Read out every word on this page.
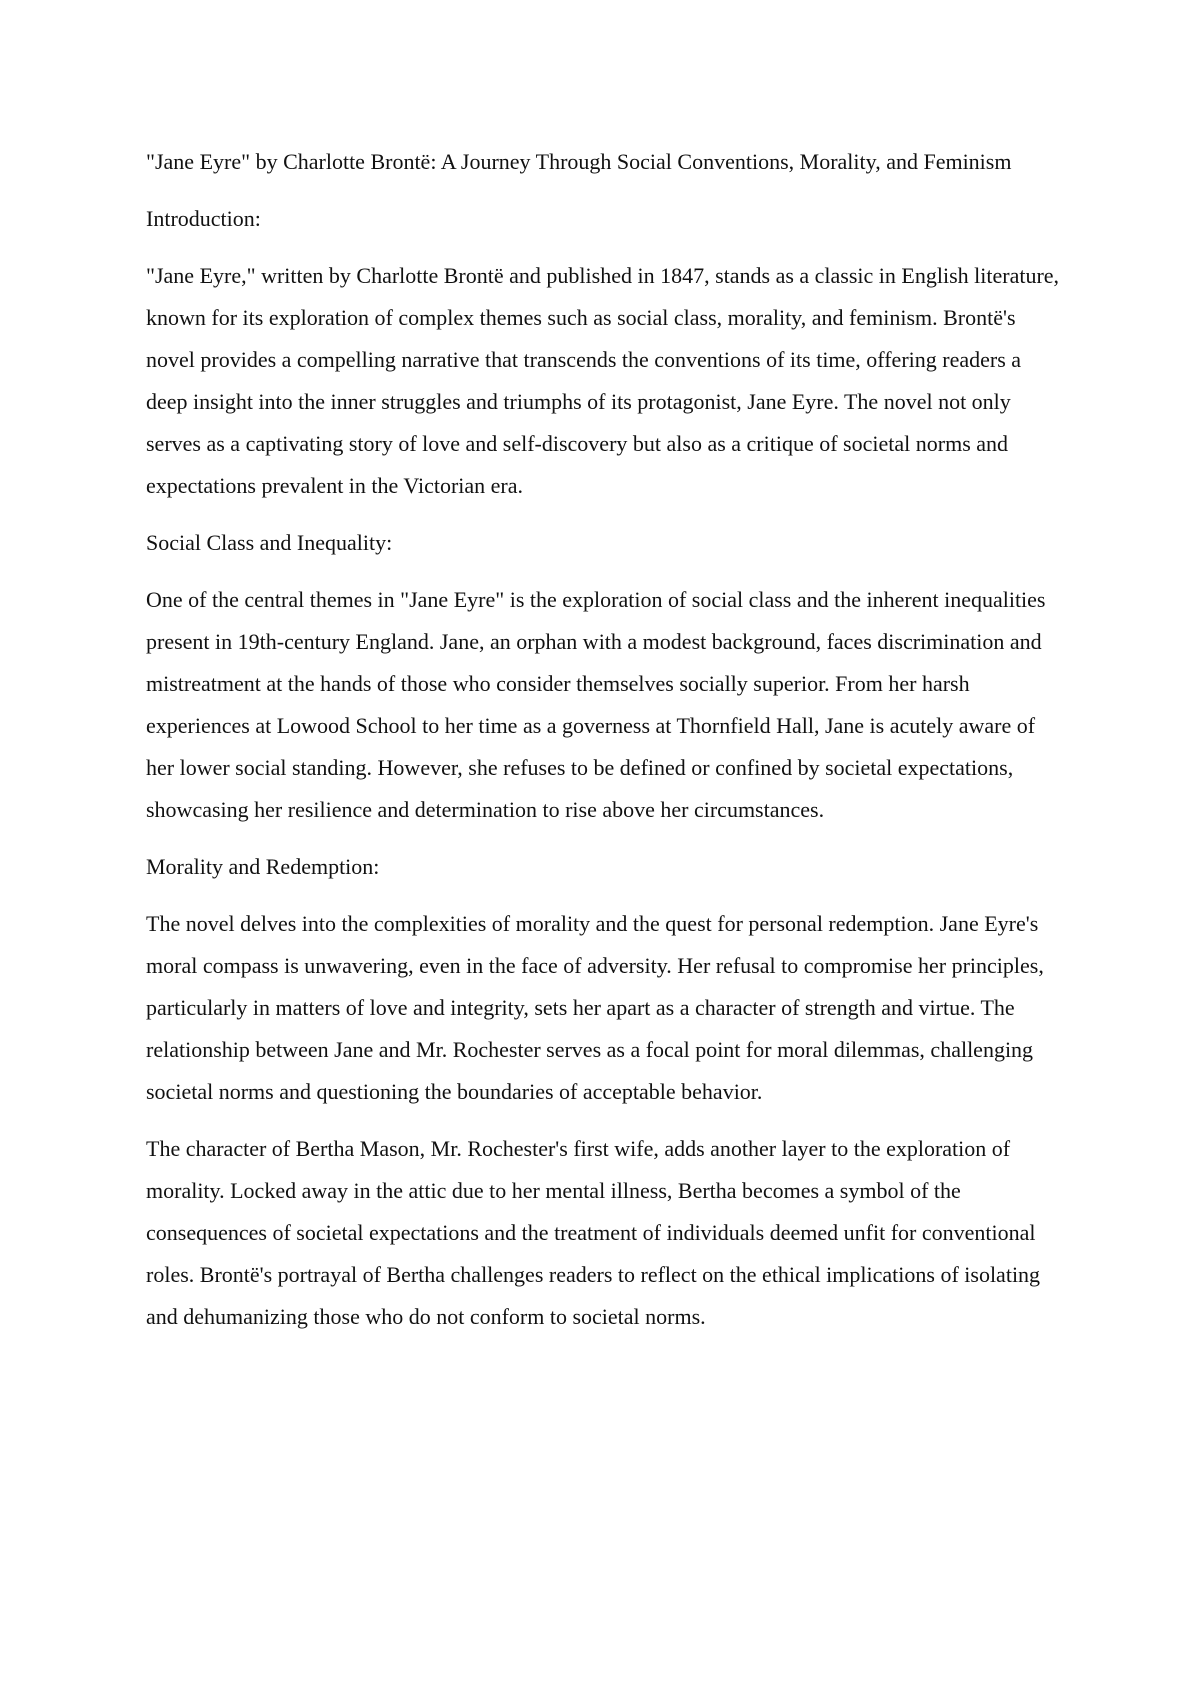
"Jane Eyre" by Charlotte Brontë: A Journey Through Social Conventions, Morality, and Feminism

Introduction:

"Jane Eyre," written by Charlotte Brontë and published in 1847, stands as a classic in English literature, known for its exploration of complex themes such as social class, morality, and feminism. Brontë's novel provides a compelling narrative that transcends the conventions of its time, offering readers a deep insight into the inner struggles and triumphs of its protagonist, Jane Eyre. The novel not only serves as a captivating story of love and self-discovery but also as a critique of societal norms and expectations prevalent in the Victorian era.

Social Class and Inequality:

One of the central themes in "Jane Eyre" is the exploration of social class and the inherent inequalities present in 19th-century England. Jane, an orphan with a modest background, faces discrimination and mistreatment at the hands of those who consider themselves socially superior. From her harsh experiences at Lowood School to her time as a governess at Thornfield Hall, Jane is acutely aware of her lower social standing. However, she refuses to be defined or confined by societal expectations, showcasing her resilience and determination to rise above her circumstances.

Morality and Redemption:

The novel delves into the complexities of morality and the quest for personal redemption. Jane Eyre's moral compass is unwavering, even in the face of adversity. Her refusal to compromise her principles, particularly in matters of love and integrity, sets her apart as a character of strength and virtue. The relationship between Jane and Mr. Rochester serves as a focal point for moral dilemmas, challenging societal norms and questioning the boundaries of acceptable behavior.

The character of Bertha Mason, Mr. Rochester's first wife, adds another layer to the exploration of morality. Locked away in the attic due to her mental illness, Bertha becomes a symbol of the consequences of societal expectations and the treatment of individuals deemed unfit for conventional roles. Brontë's portrayal of Bertha challenges readers to reflect on the ethical implications of isolating and dehumanizing those who do not conform to societal norms.
